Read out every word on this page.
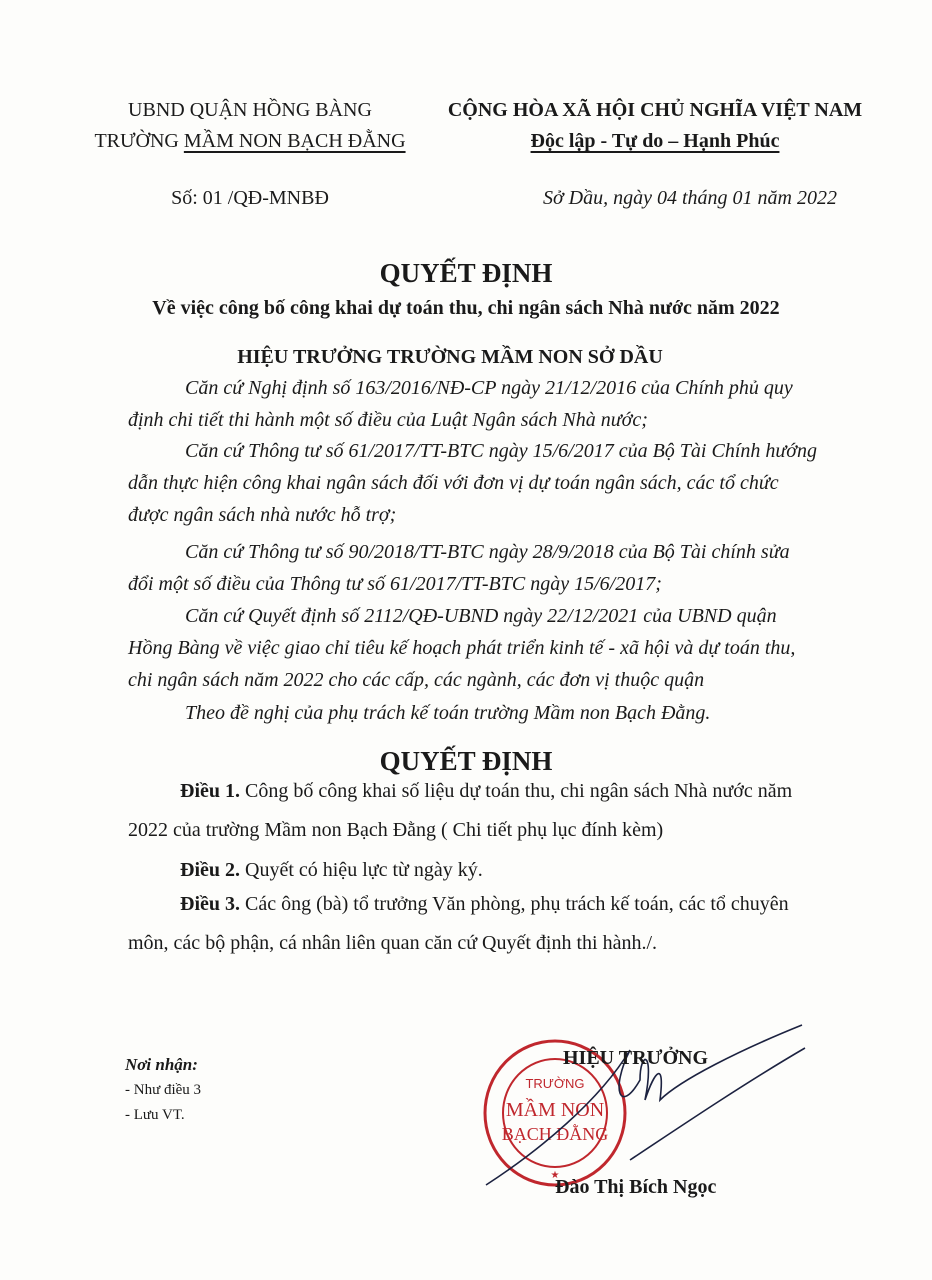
UBND QUẬN HỒNG BÀNG
TRƯỜNG MẦM NON BẠCH ĐẰNG
CỘNG HÒA XÃ HỘI CHỦ NGHĨA VIỆT NAM
Độc lập - Tự do – Hạnh Phúc
Số: 01 /QĐ-MNBĐ	Sở Dầu, ngày 04 tháng 01 năm 2022
QUYẾT ĐỊNH
Về việc công bố công khai dự toán thu, chi ngân sách Nhà nước năm 2022
HIỆU TRƯỞNG TRƯỜNG MẦM NON SỞ DẦU
Căn cứ Nghị định số 163/2016/NĐ-CP ngày 21/12/2016 của Chính phủ quy
định chi tiết thi hành một số điều của Luật Ngân sách Nhà nước;
Căn cứ Thông tư số 61/2017/TT-BTC ngày 15/6/2017 của Bộ Tài Chính hướng
dẫn thực hiện công khai ngân sách đối với đơn vị dự toán ngân sách, các tổ chức
được ngân sách nhà nước hỗ trợ;
Căn cứ Thông tư số 90/2018/TT-BTC ngày 28/9/2018 của Bộ Tài chính sửa
đổi một số điều của Thông tư số 61/2017/TT-BTC ngày 15/6/2017;
Căn cứ Quyết định số 2112/QĐ-UBND ngày 22/12/2021 của UBND quận
Hồng Bàng về việc giao chỉ tiêu kế hoạch phát triển kinh tế - xã hội và dự toán thu,
chi ngân sách năm 2022 cho các cấp, các ngành, các đơn vị thuộc quận
Theo đề nghị của phụ trách kế toán trường Mầm non Bạch Đằng.
QUYẾT ĐỊNH
Điều 1. Công bố công khai số liệu dự toán thu, chi ngân sách Nhà nước năm
2022 của trường Mầm non Bạch Đằng ( Chi tiết phụ lục đính kèm)
Điều 2. Quyết có hiệu lực từ ngày ký.
Điều 3. Các ông (bà) tổ trưởng Văn phòng, phụ trách kế toán, các tổ chuyên
môn, các bộ phận, cá nhân liên quan căn cứ Quyết định thi hành./.
Nơi nhận:
- Như điều 3
- Lưu VT.
TRƯỜNG
MẦM NON
BẠCH ĐẰNG
★
HIỆU TRƯỞNG
Đào Thị Bích Ngọc
